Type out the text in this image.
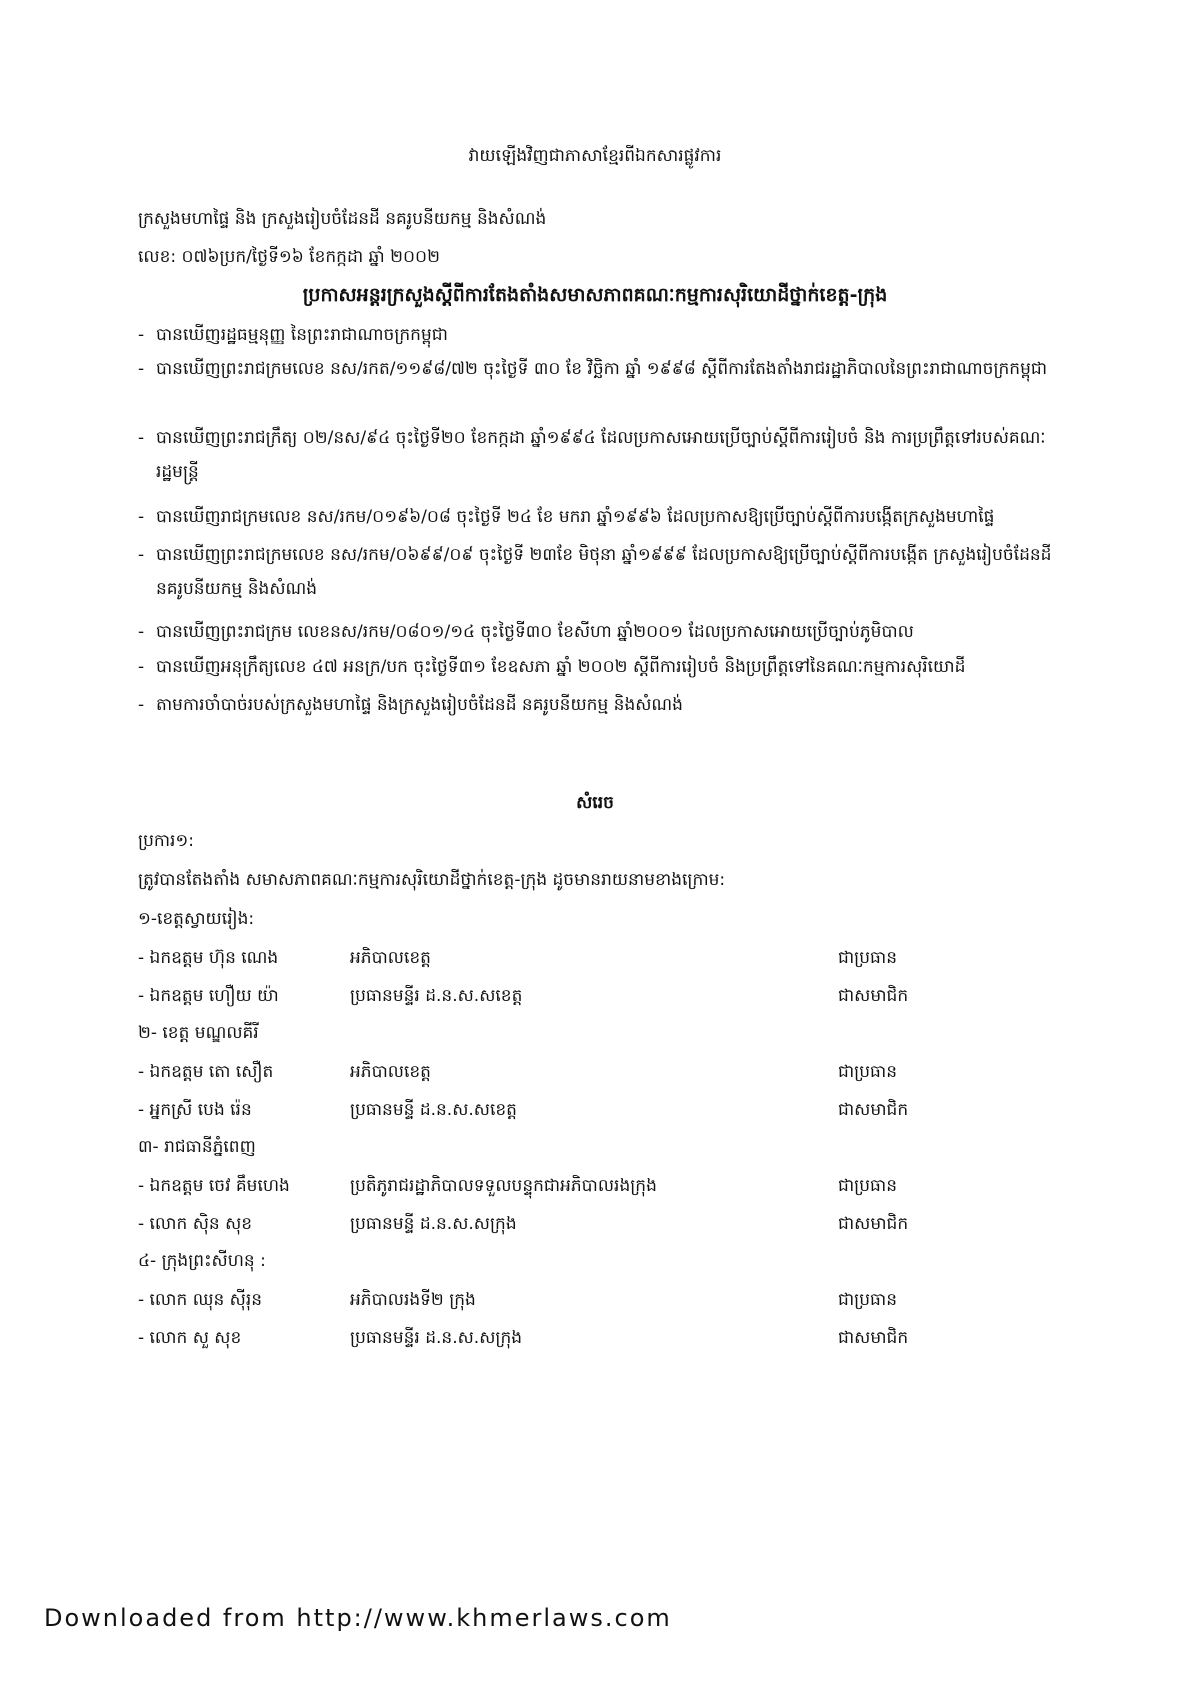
វាយឡើងវិញជាភាសាខ្មែរពីឯកសារផ្លូវការ
ក្រសួងមហាផ្ទៃ និង ក្រសួងរៀបចំដែនដី នគរូបនីយកម្ម និងសំណង់
លេខ: ០៧៦ប្រក/ថ្ងៃទី១៦ ខែកក្កដា ឆ្នាំ ២០០២
ប្រកាសអន្តរក្រសួងស្តីពីការតែងតាំងសមាសភាពគណៈកម្មការសុរិយោដីថ្នាក់ខេត្ត-ក្រុង
- បានឃើញរដ្ឋធម្មនុញ្ញ នៃព្រះរាជាណាចក្រកម្ពុជា
- បានឃើញព្រះរាជក្រមលេខ នស/រកត/១១៩៨/៧២ ចុះថ្ងៃទី ៣០ ខែ វិច្ឆិកា ឆ្នាំ ១៩៩៨ ស្តីពីការតែងតាំងរាជរដ្ឋាភិបាលនៃព្រះរាជាណាចក្រកម្ពុជា
- បានឃើញព្រះរាជក្រឹត្យ ០២/នស/៩៤ ចុះថ្ងៃទី២០ ខែកក្កដា ឆ្នាំ១៩៩៤ ដែលប្រកាសអោយប្រើច្បាប់ស្តីពីការរៀបចំ និង ការប្រព្រឹត្តទៅរបស់គណៈរដ្ឋមន្ត្រី
- បានឃើញរាជក្រមលេខ នស/រកម/០១៩៦/០៨ ចុះថ្ងៃទី ២៤ ខែ មករា ឆ្នាំ១៩៩៦ ដែលប្រកាសឱ្យប្រើច្បាប់ស្តីពីការបង្កើតក្រសួងមហាផ្ទៃ
- បានឃើញព្រះរាជក្រមលេខ នស/រកម/០៦៩៩/០៩ ចុះថ្ងៃទី ២៣ខែ មិថុនា ឆ្នាំ១៩៩៩ ដែលប្រកាសឱ្យប្រើច្បាប់ស្តីពីការបង្កើត ក្រសួងរៀបចំដែនដី នគរូបនីយកម្ម និងសំណង់
- បានឃើញព្រះរាជក្រម លេខនស/រកម/០៨០១/១៤ ចុះថ្ងៃទី៣០ ខែសីហា ឆ្នាំ២០០១ ដែលប្រកាសអោយប្រើច្បាប់ភូមិបាល
- បានឃើញអនុក្រឹត្យលេខ ៤៧ អនក្រ/បក ចុះថ្ងៃទី៣១ ខែឧសភា ឆ្នាំ ២០០២ ស្តីពីការរៀបចំ និងប្រព្រឹត្តទៅនៃគណៈកម្មការសុរិយោដី
- តាមការចាំបាច់របស់ក្រសួងមហាផ្ទៃ និងក្រសួងរៀបចំដែនដី នគរូបនីយកម្ម និងសំណង់
សំរេច
ប្រការ១:
ត្រូវបានតែងតាំង សមាសភាពគណៈកម្មការសុរិយោដីថ្នាក់ខេត្ត-ក្រុង ដូចមានរាយនាមខាងក្រោម:
១-ខេត្តស្វាយរៀង:
- ឯកឧត្តម ហ៊ុន ណេង	អភិបាលខេត្ត	ជាប្រធាន
- ឯកឧត្តម ហឿយ យ៉ា	ប្រធានមន្ទីរ ដ.ន.ស.សខេត្ត	ជាសមាជិក
២- ខេត្ត មណ្ឌលគីរី
- ឯកឧត្តម តោ សឿត	អភិបាលខេត្ត	ជាប្រធាន
- អ្នកស្រី បេង រ៉េន	ប្រធានមន្ទី ដ.ន.ស.សខេត្ត	ជាសមាជិក
៣- រាជធានីភ្នំពេញ
- ឯកឧត្តម ចេវ គឹមហេង	ប្រតិភូរាជរដ្ឋាភិបាលទទួលបន្ទុកជាអភិបាលរងក្រុង	ជាប្រធាន
- លោក ស៊ិន សុខ	ប្រធានមន្ទី ដ.ន.ស.សក្រុង	ជាសមាជិក
៤- ក្រុងព្រះសីហនុ :
- លោក ឈុន ស៊ីរុន	អភិបាលរងទី២ ក្រុង	ជាប្រធាន
- លោក សួ សុខ	ប្រធានមន្ទីរ ដ.ន.ស.សក្រុង	ជាសមាជិក
Downloaded from http://www.khmerlaws.com
